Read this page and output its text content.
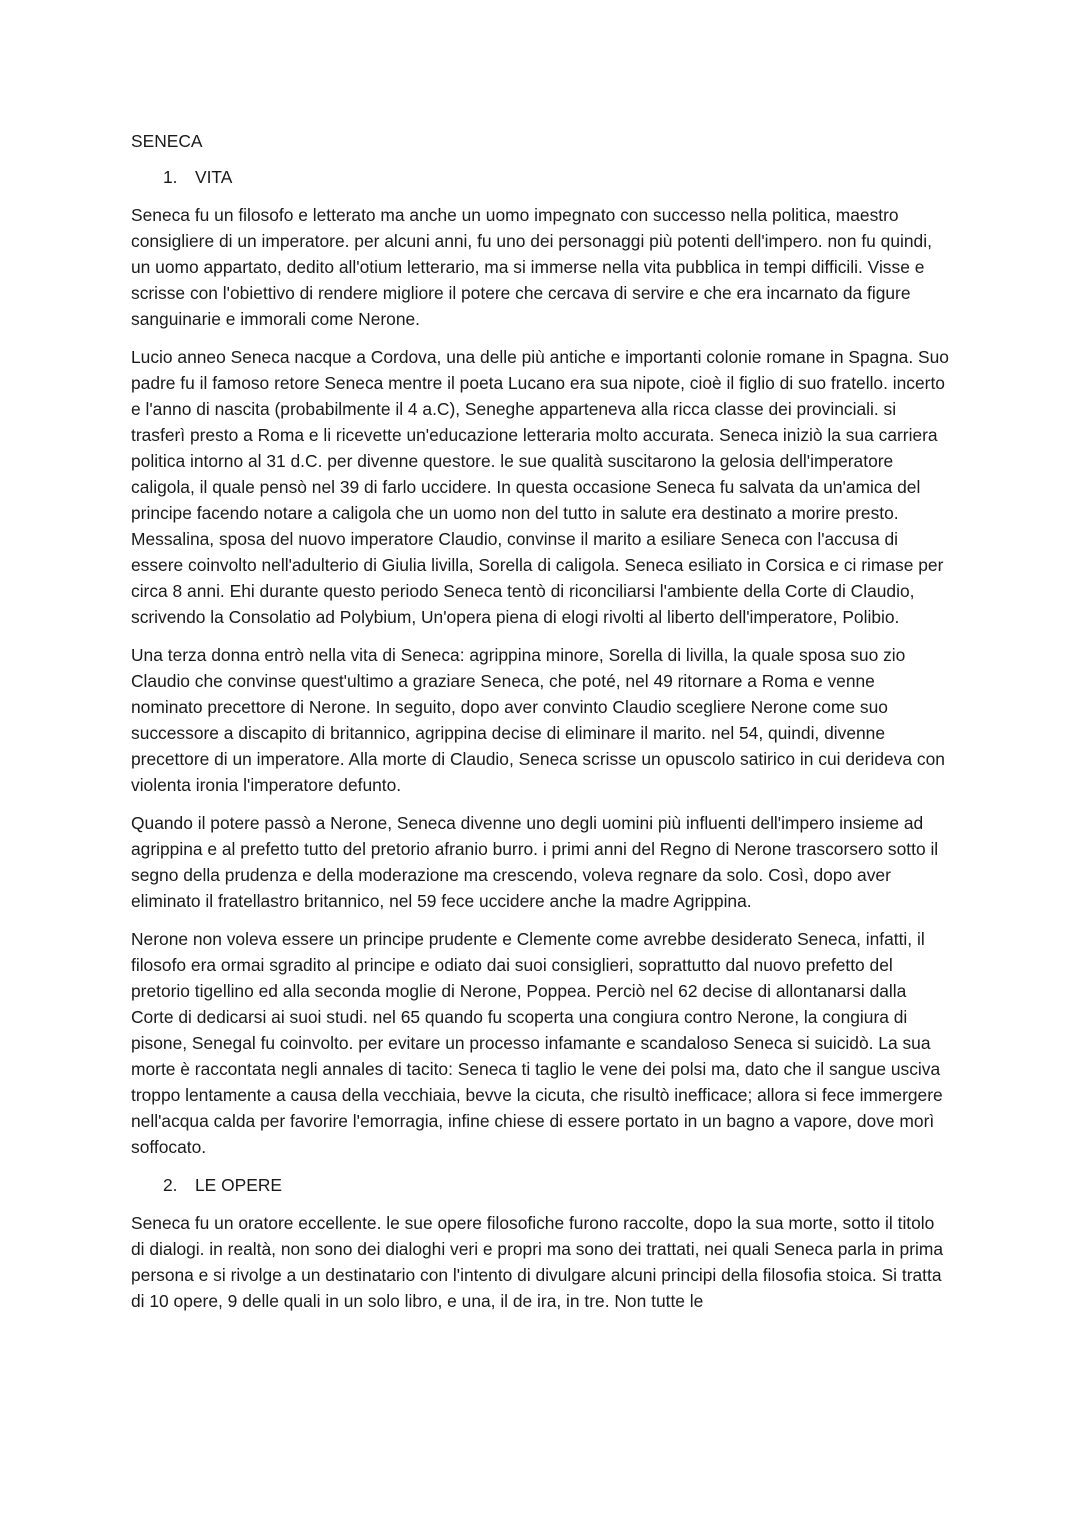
SENECA
1. VITA

Seneca fu un filosofo e letterato ma anche un uomo impegnato con successo nella politica, maestro consigliere di un imperatore. per alcuni anni, fu uno dei personaggi più potenti dell'impero. non fu quindi, un uomo appartato, dedito all'otium letterario, ma si immerse nella vita pubblica in tempi difficili. Visse e scrisse con l'obiettivo di rendere migliore il potere che cercava di servire e che era incarnato da figure sanguinarie e immorali come Nerone.

Lucio anneo Seneca nacque a Cordova, una delle più antiche e importanti colonie romane in Spagna. Suo padre fu il famoso retore Seneca mentre il poeta Lucano era sua nipote, cioè il figlio di suo fratello. incerto e l'anno di nascita (probabilmente il 4 a.C), Seneghe apparteneva alla ricca classe dei provinciali. si trasferì presto a Roma e li ricevette un'educazione letteraria molto accurata. Seneca iniziò la sua carriera politica intorno al 31 d.C. per divenne questore. le sue qualità suscitarono la gelosia dell'imperatore caligola, il quale pensò nel 39 di farlo uccidere. In questa occasione Seneca fu salvata da un'amica del principe facendo notare a caligola che un uomo non del tutto in salute era destinato a morire presto. Messalina, sposa del nuovo imperatore Claudio, convinse il marito a esiliare Seneca con l'accusa di essere coinvolto nell'adulterio di Giulia livilla, Sorella di caligola. Seneca esiliato in Corsica e ci rimase per circa 8 anni. Ehi durante questo periodo Seneca tentò di riconciliarsi l'ambiente della Corte di Claudio, scrivendo la Consolatio ad Polybium, Un'opera piena di elogi rivolti al liberto dell'imperatore, Polibio.

Una terza donna entrò nella vita di Seneca: agrippina minore, Sorella di livilla, la quale sposa suo zio Claudio che convinse quest'ultimo a graziare Seneca, che poté, nel 49 ritornare a Roma e venne nominato precettore di Nerone. In seguito, dopo aver convinto Claudio scegliere Nerone come suo successore a discapito di britannico, agrippina decise di eliminare il marito. nel 54, quindi, divenne precettore di un imperatore. Alla morte di Claudio, Seneca scrisse un opuscolo satirico in cui derideva con violenta ironia l'imperatore defunto.

Quando il potere passò a Nerone, Seneca divenne uno degli uomini più influenti dell'impero insieme ad agrippina e al prefetto tutto del pretorio afranio burro. i primi anni del Regno di Nerone trascorsero sotto il segno della prudenza e della moderazione ma crescendo, voleva regnare da solo. Così, dopo aver eliminato il fratellastro britannico, nel 59 fece uccidere anche la madre Agrippina.

Nerone non voleva essere un principe prudente e Clemente come avrebbe desiderato Seneca, infatti, il filosofo era ormai sgradito al principe e odiato dai suoi consiglieri, soprattutto dal nuovo prefetto del pretorio tigellino ed alla seconda moglie di Nerone, Poppea. Perciò nel 62 decise di allontanarsi dalla Corte di dedicarsi ai suoi studi. nel 65 quando fu scoperta una congiura contro Nerone, la congiura di pisone, Senegal fu coinvolto. per evitare un processo infamante e scandaloso Seneca si suicidò. La sua morte è raccontata negli annales di tacito: Seneca ti taglio le vene dei polsi ma, dato che il sangue usciva troppo lentamente a causa della vecchiaia, bevve la cicuta, che risultò inefficace; allora si fece immergere nell'acqua calda per favorire l'emorragia, infine chiese di essere portato in un bagno a vapore, dove morì soffocato.

2. LE OPERE

Seneca fu un oratore eccellente. le sue opere filosofiche furono raccolte, dopo la sua morte, sotto il titolo di dialogi. in realtà, non sono dei dialoghi veri e propri ma sono dei trattati, nei quali Seneca parla in prima persona e si rivolge a un destinatario con l'intento di divulgare alcuni principi della filosofia stoica. Si tratta di 10 opere, 9 delle quali in un solo libro, e una, il de ira, in tre. Non tutte le
